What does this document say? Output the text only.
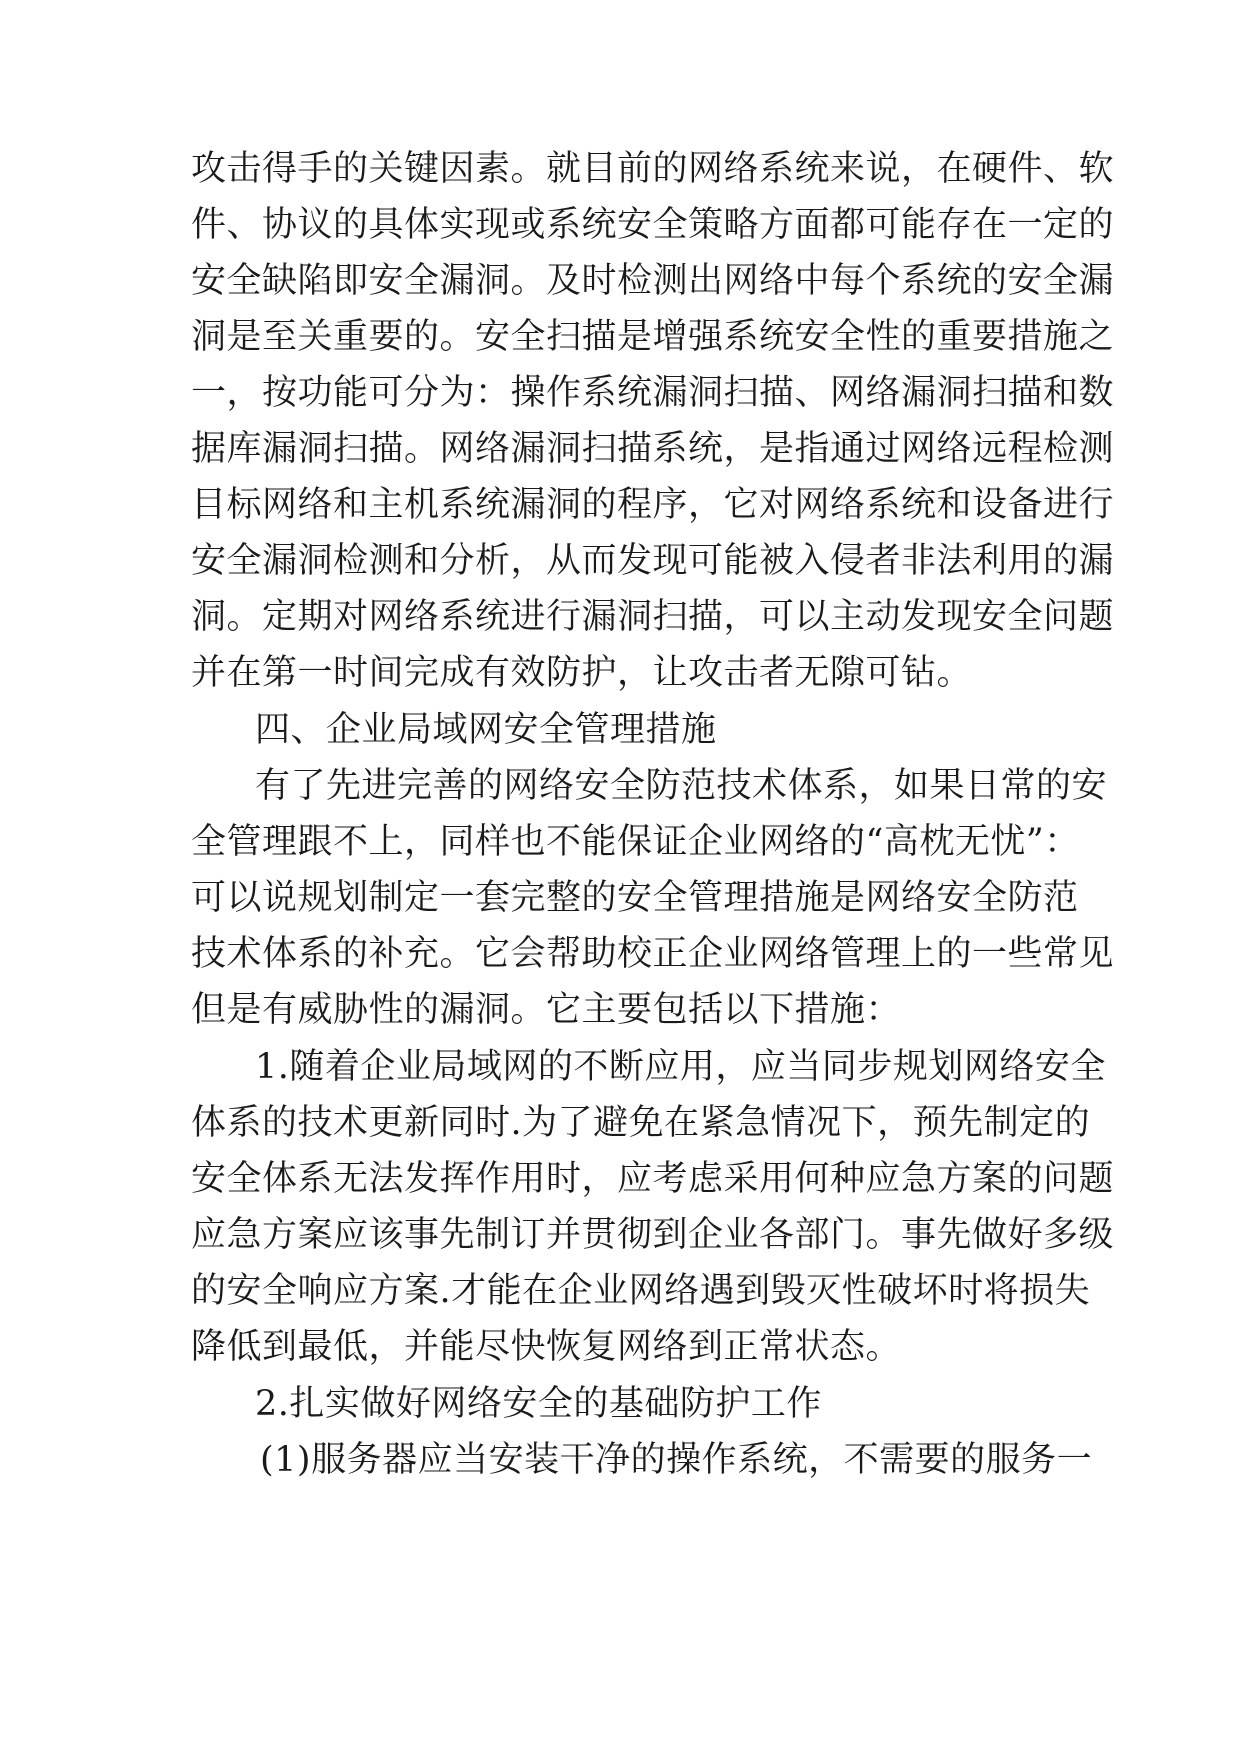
攻击得手的关键因素。就目前的网络系统来说，在硬件、软
件、协议的具体实现或系统安全策略方面都可能存在一定的
安全缺陷即安全漏洞。及时检测出网络中每个系统的安全漏
洞是至关重要的。安全扫描是增强系统安全性的重要措施之
一，按功能可分为：操作系统漏洞扫描、网络漏洞扫描和数
据库漏洞扫描。网络漏洞扫描系统，是指通过网络远程检测
目标网络和主机系统漏洞的程序，它对网络系统和设备进行
安全漏洞检测和分析，从而发现可能被入侵者非法利用的漏
洞。定期对网络系统进行漏洞扫描，可以主动发现安全问题
并在第一时间完成有效防护，让攻击者无隙可钻。
四、企业局域网安全管理措施
有了先进完善的网络安全防范技术体系，如果日常的安
全管理跟不上，同样也不能保证企业网络的“高枕无忧”：
可以说规划制定一套完整的安全管理措施是网络安全防范
技术体系的补充。它会帮助校正企业网络管理上的一些常见
但是有威胁性的漏洞。它主要包括以下措施：
1.随着企业局域网的不断应用，应当同步规划网络安全
体系的技术更新同时.为了避免在紧急情况下，预先制定的
安全体系无法发挥作用时，应考虑采用何种应急方案的问题
应急方案应该事先制订并贯彻到企业各部门。事先做好多级
的安全响应方案.才能在企业网络遇到毁灭性破坏时将损失
降低到最低，并能尽快恢复网络到正常状态。
2.扎实做好网络安全的基础防护工作
(1)服务器应当安装干净的操作系统，不需要的服务一
